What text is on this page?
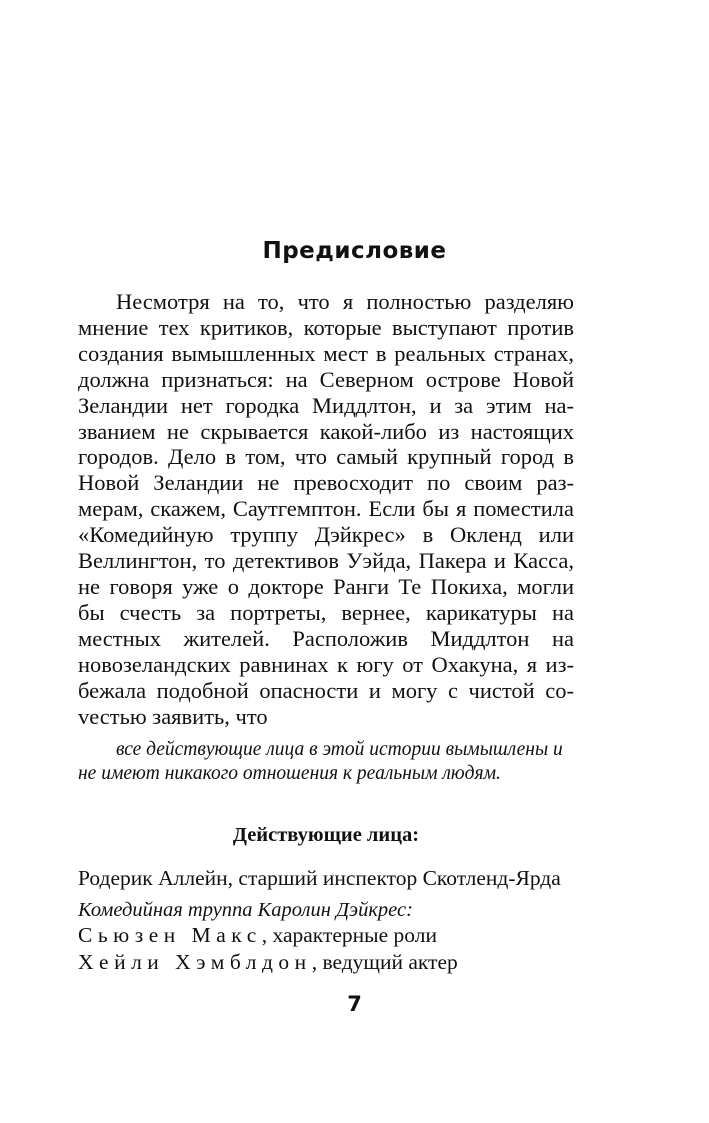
Предисловие

Несмотря на то, что я полностью разделяю мнение тех критиков, которые выступают против создания вымышленных мест в реальных странах, должна признаться: на Северном острове Новой Зеландии нет городка Миддлтон, и за этим названием не скрывается какой-либо из настоящих городов. Дело в том, что самый крупный город в Новой Зеландии не превосходит по своим размерам, скажем, Саутгемптон. Если бы я поместила «Комедийную труппу Дэйкрес» в Окленд или Веллингтон, то детективов Уэйда, Пакера и Касса, не говоря уже о докторе Ранги Те Покиха, могли бы счесть за портреты, вернее, карикатуры на местных жителей. Расположив Миддлтон на новозеландских равнинах к югу от Охакуна, я избежала подобной опасности и могу с чистой соvестью заявить, что

все действующие лица в этой истории вымышлены и не имеют никакого отношения к реальным людям.

Действующие лица:

Родерик Аллейн, старший инспектор Скотленд-Ярда

Комедийная труппа Каролин Дэйкрес:

Сьюзен Макс, характерные роли

Хейли Хэмблдон, ведущий актер

7
